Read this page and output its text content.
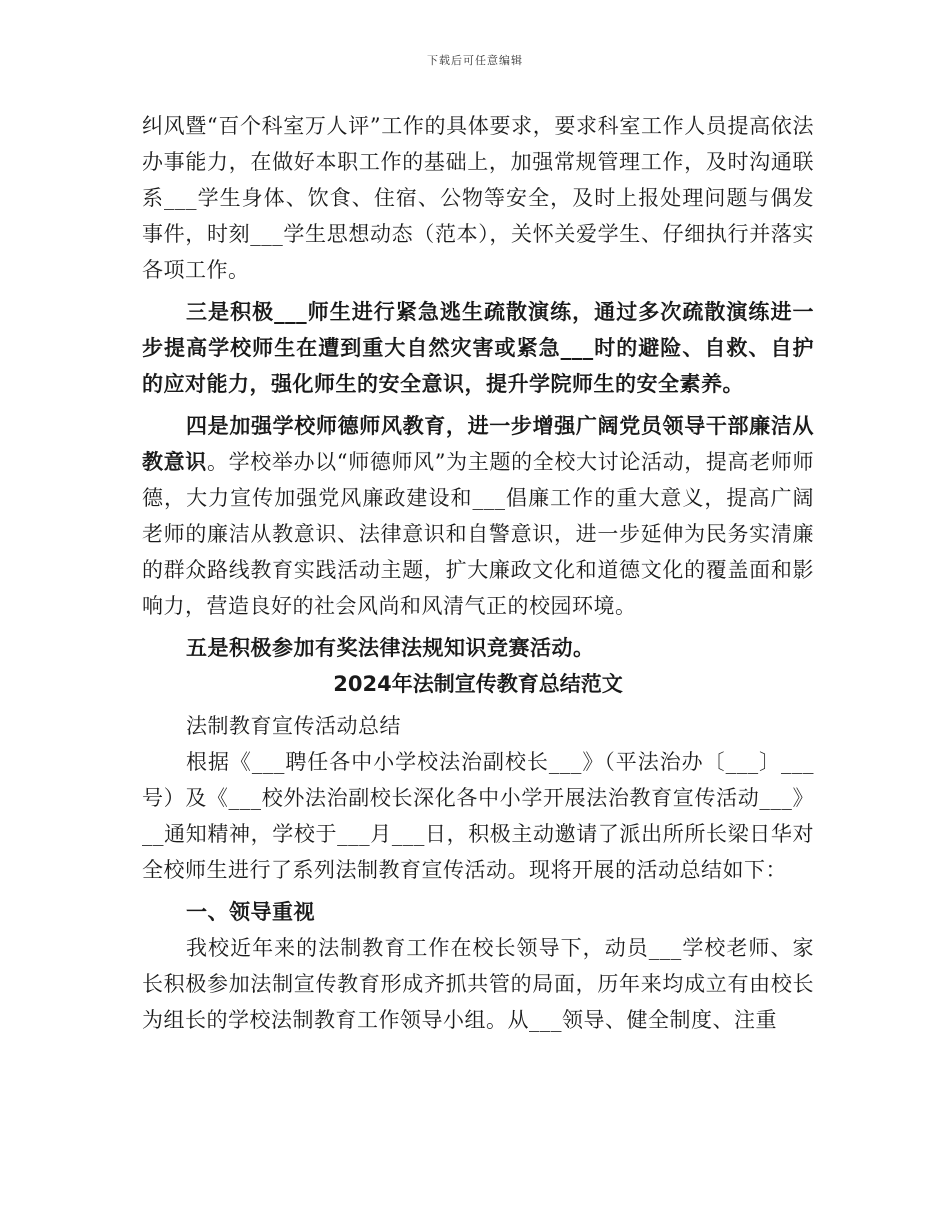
下载后可任意编辑

纠风暨“百个科室万人评”工作的具体要求，要求科室工作人员提高依法办事能力，在做好本职工作的基础上，加强常规管理工作，及时沟通联系___学生身体、饮食、住宿、公物等安全，及时上报处理问题与偶发事件，时刻___学生思想动态（范本），关怀关爱学生、仔细执行并落实各项工作。

三是积极___师生进行紧急逃生疏散演练，通过多次疏散演练进一步提高学校师生在遭到重大自然灾害或紧急___时的避险、自救、自护的应对能力，强化师生的安全意识，提升学院师生的安全素养。

四是加强学校师德师风教育，进一步增强广阔党员领导干部廉洁从教意识。学校举办以“师德师风”为主题的全校大讨论活动，提高老师师德，大力宣传加强党风廉政建设和___倡廉工作的重大意义，提高广阔老师的廉洁从教意识、法律意识和自警意识，进一步延伸为民务实清廉的群众路线教育实践活动主题，扩大廉政文化和道德文化的覆盖面和影响力，营造良好的社会风尚和风清气正的校园环境。

五是积极参加有奖法律法规知识竞赛活动。

2024年法制宣传教育总结范文

法制教育宣传活动总结

根据《___聘任各中小学校法治副校长___》（平法治办〔___〕___号）及《___校外法治副校长深化各中小学开展法治教育宣传活动___》__通知精神，学校于___月___日，积极主动邀请了派出所所长梁日华对全校师生进行了系列法制教育宣传活动。现将开展的活动总结如下：

一、领导重视

我校近年来的法制教育工作在校长领导下，动员___学校老师、家长积极参加法制宣传教育形成齐抓共管的局面，历年来均成立有由校长为组长的学校法制教育工作领导小组。从___领导、健全制度、注重
